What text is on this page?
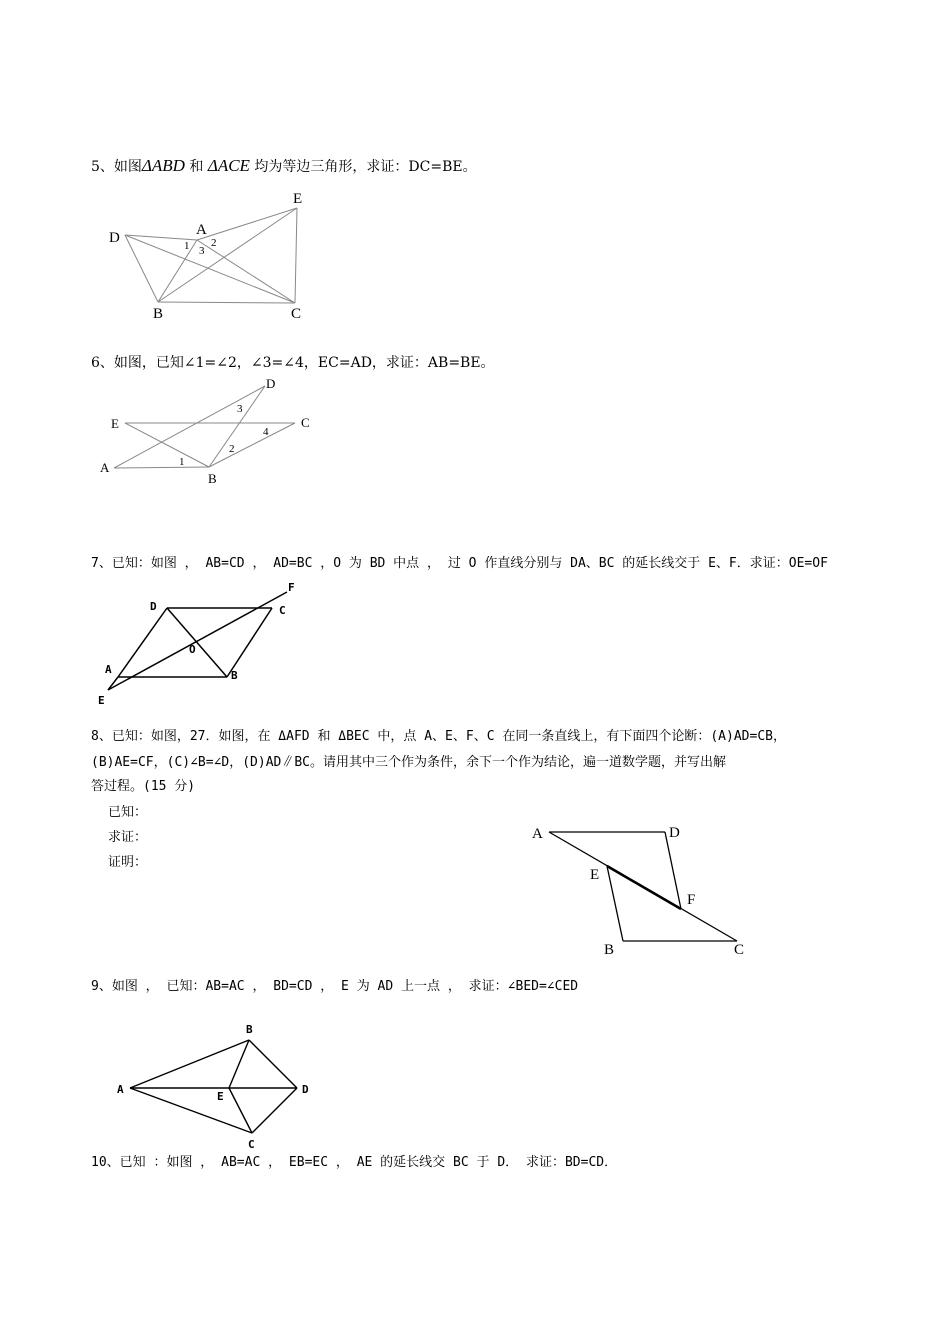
5、如图ΔABD 和 ΔACE 均为等边三角形，求证：DC=BE。
E
A
D
B	C
1 2
3
6、如图，已知∠1=∠2，∠3=∠4，EC=AD，求证：AB=BE。
D
E	C
A
B
1
2
3
4
7、已知：如图 ， AB=CD ， AD=BC ，O 为 BD 中点 ， 过 O 作直线分别与 DA、BC 的延长线交于 E、F．求证：OE=OF
F
D	C
O
A	B
E
8、已知：如图，27．如图，在 ΔAFD 和 ΔBEC 中，点 A、E、F、C 在同一条直线上，有下面四个论断：(A)AD=CB，
(B)AE=CF，(C)∠B=∠D，(D)AD∥BC。请用其中三个作为条件，余下一个作为结论，遍一道数学题，并写出解
答过程。(15 分)
已知：
求证：
证明：
A	D
E
F
B	C
9、如图 ， 已知：AB=AC ， BD=CD ， E 为 AD 上一点 ， 求证：∠BED=∠CED
B
A
E
D
C
10、已知 ：如图 ， AB=AC ， EB=EC ， AE 的延长线交 BC 于 D． 求证：BD=CD．
